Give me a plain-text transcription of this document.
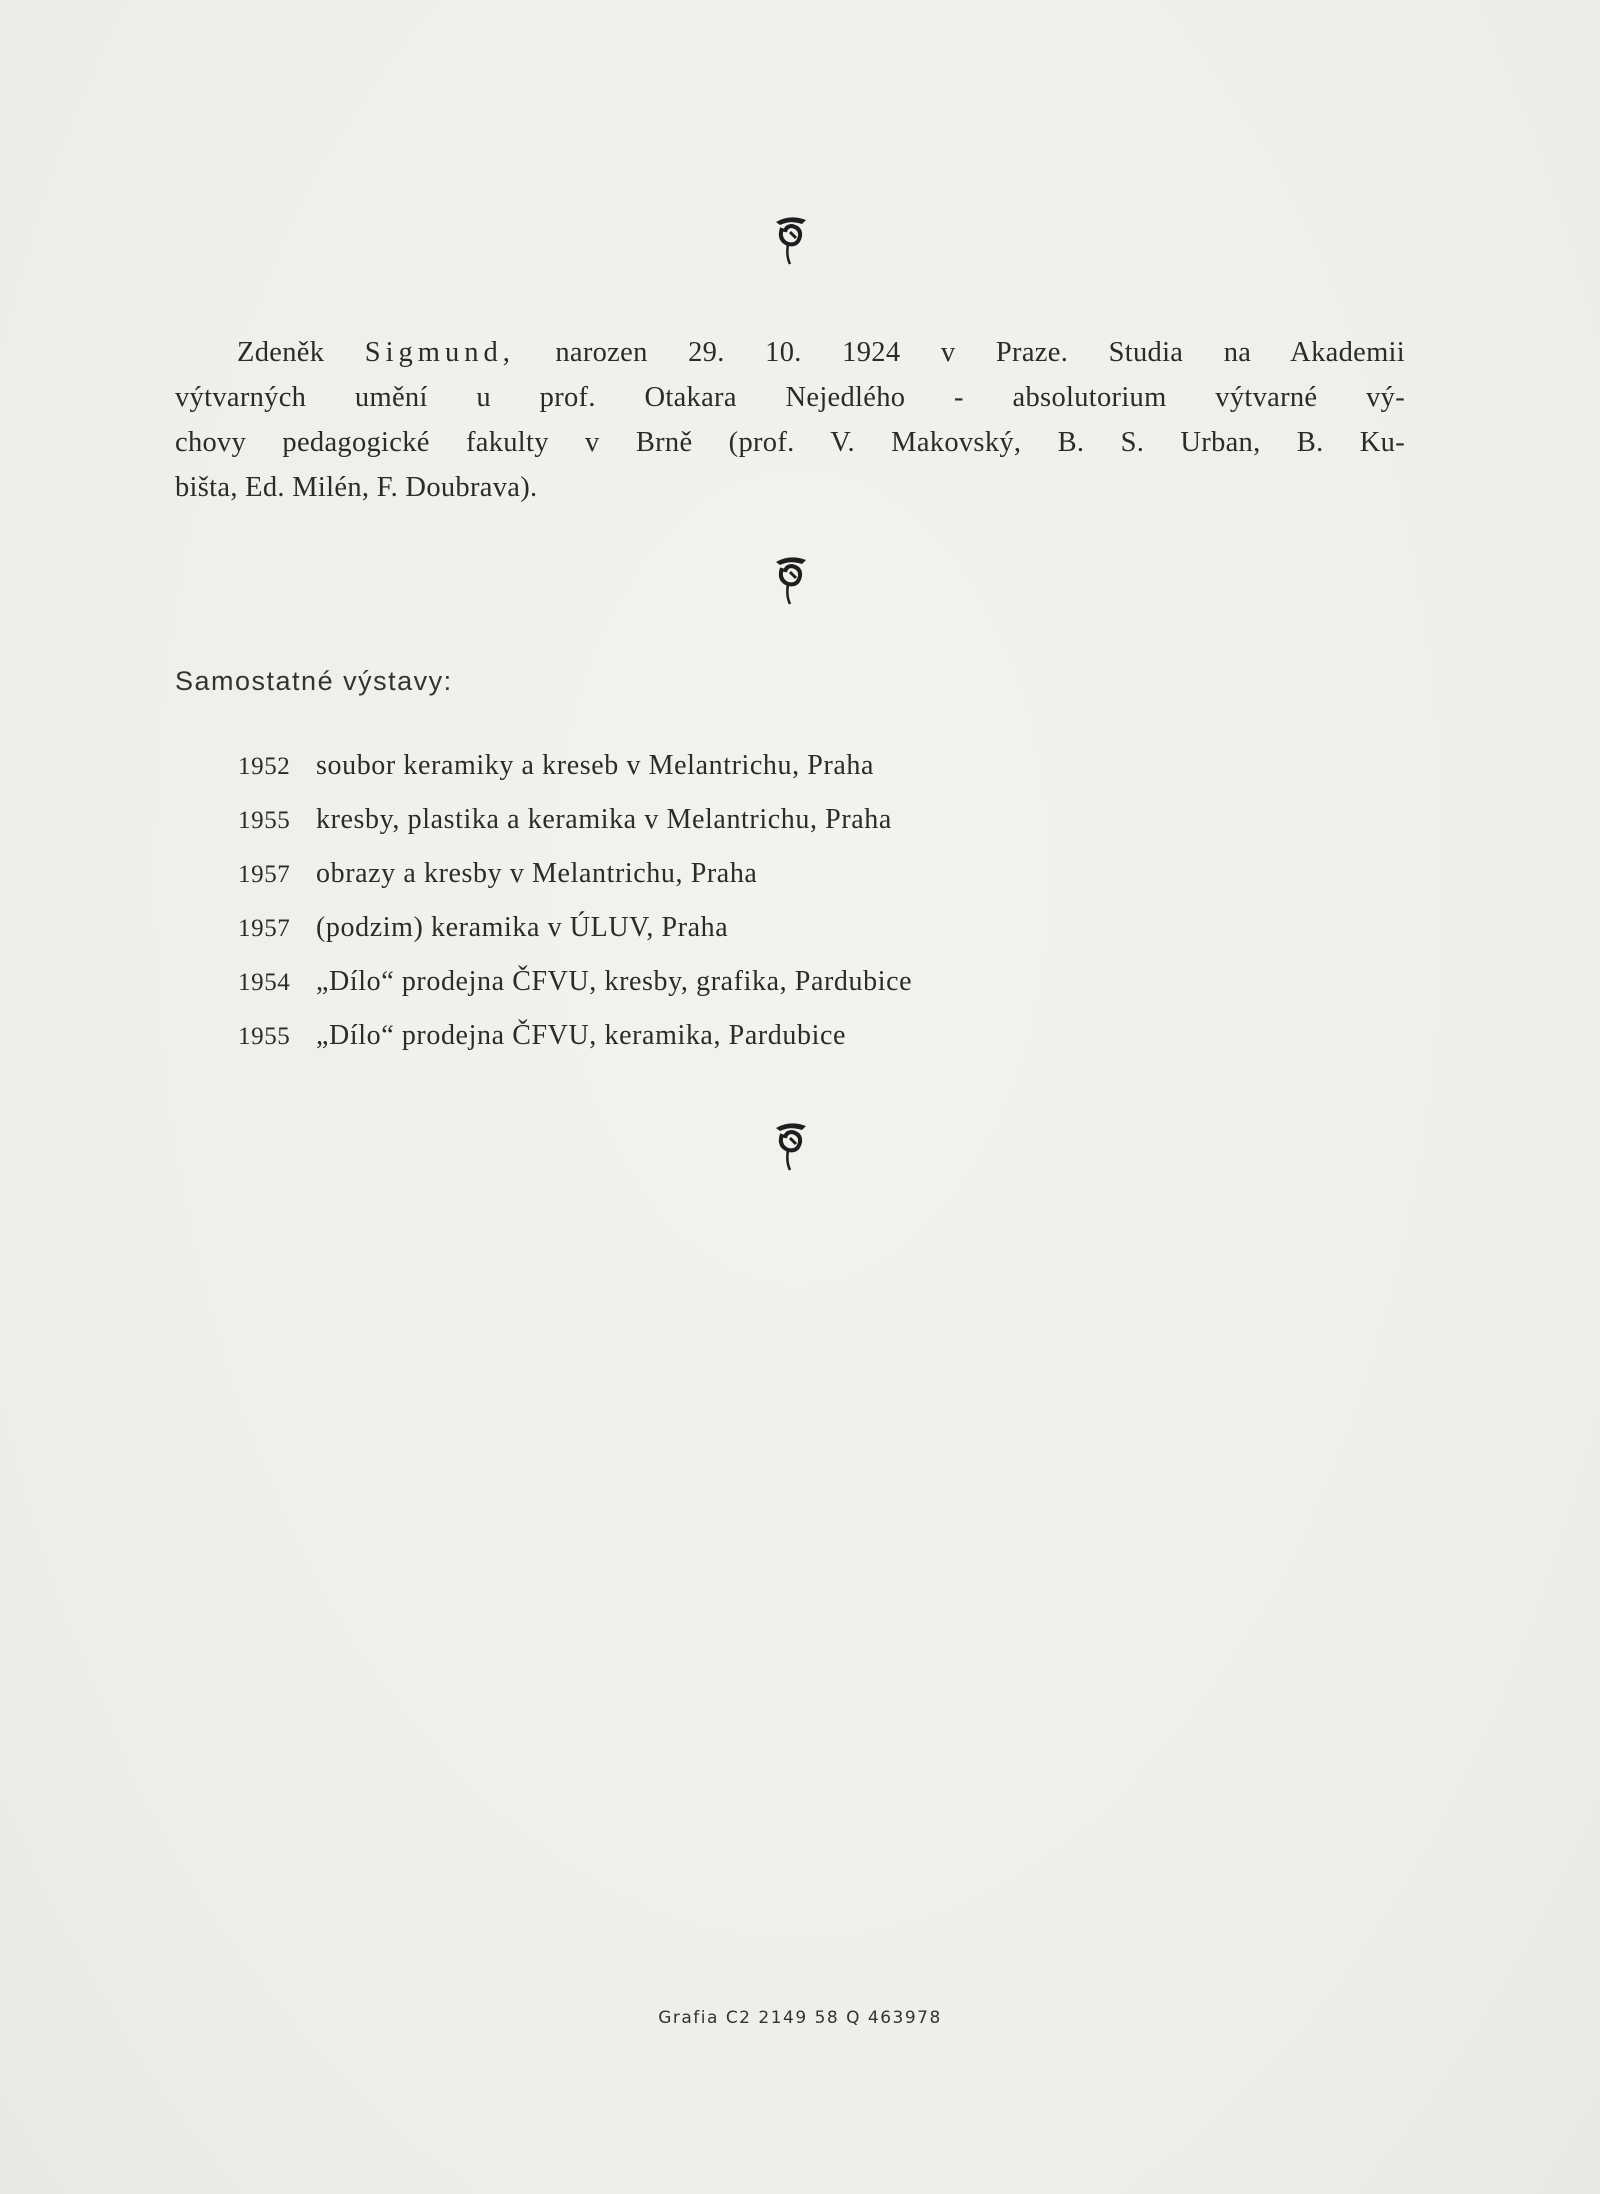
Zdeněk Sigmund, narozen 29. 10. 1924 v Praze. Studia na Akademii
výtvarných umění u prof. Otakara Nejedlého - absolutorium výtvarné vý-
chovy pedagogické fakulty v Brně (prof. V. Makovský, B. S. Urban, B. Ku-
bišta, Ed. Milén, F. Doubrava).
Samostatné výstavy:
1952 soubor keramiky a kreseb v Melantrichu, Praha
1955 kresby, plastika a keramika v Melantrichu, Praha
1957 obrazy a kresby v Melantrichu, Praha
1957 (podzim) keramika v ÚLUV, Praha
1954 „Dílo“ prodejna ČFVU, kresby, grafika, Pardubice
1955 „Dílo“ prodejna ČFVU, keramika, Pardubice
Grafia C2 2149 58 Q 463978
